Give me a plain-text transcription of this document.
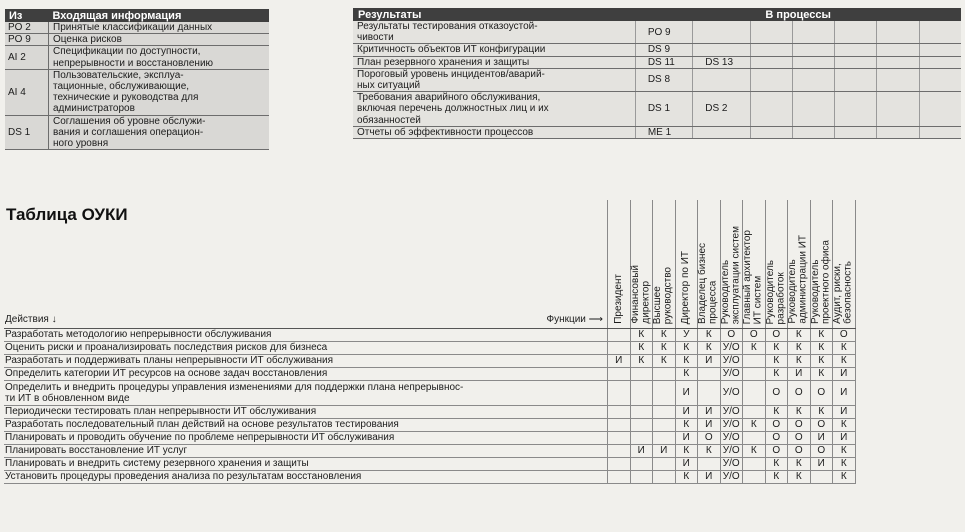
Из	Входящая информация
PO 2	Принятые классификации данных
PO 9	Оценка рисков
AI 2	Спецификации по доступности,
непрерывности и восстановлению
AI 4	Пользовательские, эксплуа-
тационные, обслуживающие,
технические и руководства для
администраторов
DS 1	Соглашения об уровне обслужи-
вания и соглашения операцион-
ного уровня
Результаты	В процессы						
Результаты тестирования отказоустой-
чивости	PO 9						
Критичность объектов ИТ конфигурации	DS 9						
План резервного хранения и защиты	DS 11	DS 13					
Пороговый уровень инцидентов/аварий-
ных ситуаций	DS 8						
Требования аварийного обслуживания,
включая перечень должностных лиц и их
обязанностей	DS 1	DS 2					
Отчеты об эффективности процессов	ME 1						
Таблица ОУКИ
Действия ↓ Функции ⟶	Президент	Финансовый
директор	Высшее
руководство	Директор по ИТ	Владелец бизнес
процесса	Руководитель
эксплуатации систем	Главный архитектор
ИТ систем	Руководитель
разработок	Руководитель
администрации ИТ	Руководитель
проектного офиса	Аудит, риски,
безопасность
Разработать методологию непрерывности обслуживания		К	К	У	К	О	О	О	К	К	О
Оценить риски и проанализировать последствия рисков для бизнеса		К	К	К	К	У/О	К	К	К	К	К
Разработать и поддерживать планы непрерывности ИТ обслуживания	И	К	К	К	И	У/О		К	К	К	К
Определить категории ИТ ресурсов на основе задач восстановления				К		У/О		К	И	К	И
Определить и внедрить процедуры управления изменениями для поддержки плана непрерывнос-
ти ИТ в обновленном виде				И		У/О		О	О	О	И
Периодически тестировать план непрерывности ИТ обслуживания				И	И	У/О		К	К	К	И
Разработать последовательный план действий на основе результатов тестирования				К	И	У/О	К	О	О	О	К
Планировать и проводить обучение по проблеме непрерывности ИТ обслуживания				И	О	У/О		О	О	И	И
Планировать восстановление ИТ услуг		И	И	К	К	У/О	К	О	О	О	К
Планировать и внедрить систему резервного хранения и защиты				И		У/О		К	К	И	К
Установить процедуры проведения анализа по результатам восстановления				К	И	У/О		К	К		К
